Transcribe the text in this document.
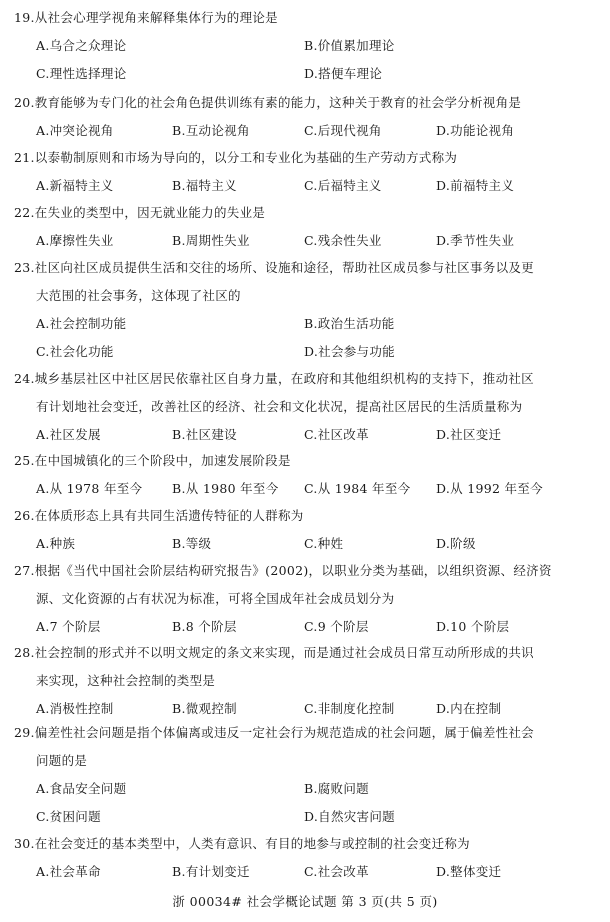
19.从社会心理学视角来解释集体行为的理论是
A.乌合之众理论	B.价值累加理论
C.理性选择理论	D.搭便车理论
20.教育能够为专门化的社会角色提供训练有素的能力，这种关于教育的社会学分析视角是
A.冲突论视角	B.互动论视角	C.后现代视角	D.功能论视角
21.以泰勒制原则和市场为导向的，以分工和专业化为基础的生产劳动方式称为
A.新福特主义	B.福特主义	C.后福特主义	D.前福特主义
22.在失业的类型中，因无就业能力的失业是
A.摩擦性失业	B.周期性失业	C.残余性失业	D.季节性失业
23.社区向社区成员提供生活和交往的场所、设施和途径，帮助社区成员参与社区事务以及更
大范围的社会事务，这体现了社区的
A.社会控制功能	B.政治生活功能
C.社会化功能	D.社会参与功能
24.城乡基层社区中社区居民依靠社区自身力量，在政府和其他组织机构的支持下，推动社区
有计划地社会变迁，改善社区的经济、社会和文化状况，提高社区居民的生活质量称为
A.社区发展	B.社区建设	C.社区改革	D.社区变迁
25.在中国城镇化的三个阶段中，加速发展阶段是
A.从 1978 年至今 B.从 1980 年至今 C.从 1984 年至今 D.从 1992 年至今
26.在体质形态上具有共同生活遗传特征的人群称为
A.种族	B.等级	C.种姓	D.阶级
27.根据《当代中国社会阶层结构研究报告》(2002)，以职业分类为基础，以组织资源、经济资
源、文化资源的占有状况为标准，可将全国成年社会成员划分为
A.7 个阶层	B.8 个阶层	C.9 个阶层	D.10 个阶层
28.社会控制的形式并不以明文规定的条文来实现，而是通过社会成员日常互动所形成的共识
来实现，这种社会控制的类型是
A.消极性控制	B.微观控制	C.非制度化控制	D.内在控制
29.偏差性社会问题是指个体偏离或违反一定社会行为规范造成的社会问题，属于偏差性社会
问题的是
A.食品安全问题	B.腐败问题
C.贫困问题	D.自然灾害问题
30.在社会变迁的基本类型中，人类有意识、有目的地参与或控制的社会变迁称为
A.社会革命	B.有计划变迁	C.社会改革	D.整体变迁
浙 00034# 社会学概论试题 第 3 页(共 5 页)
